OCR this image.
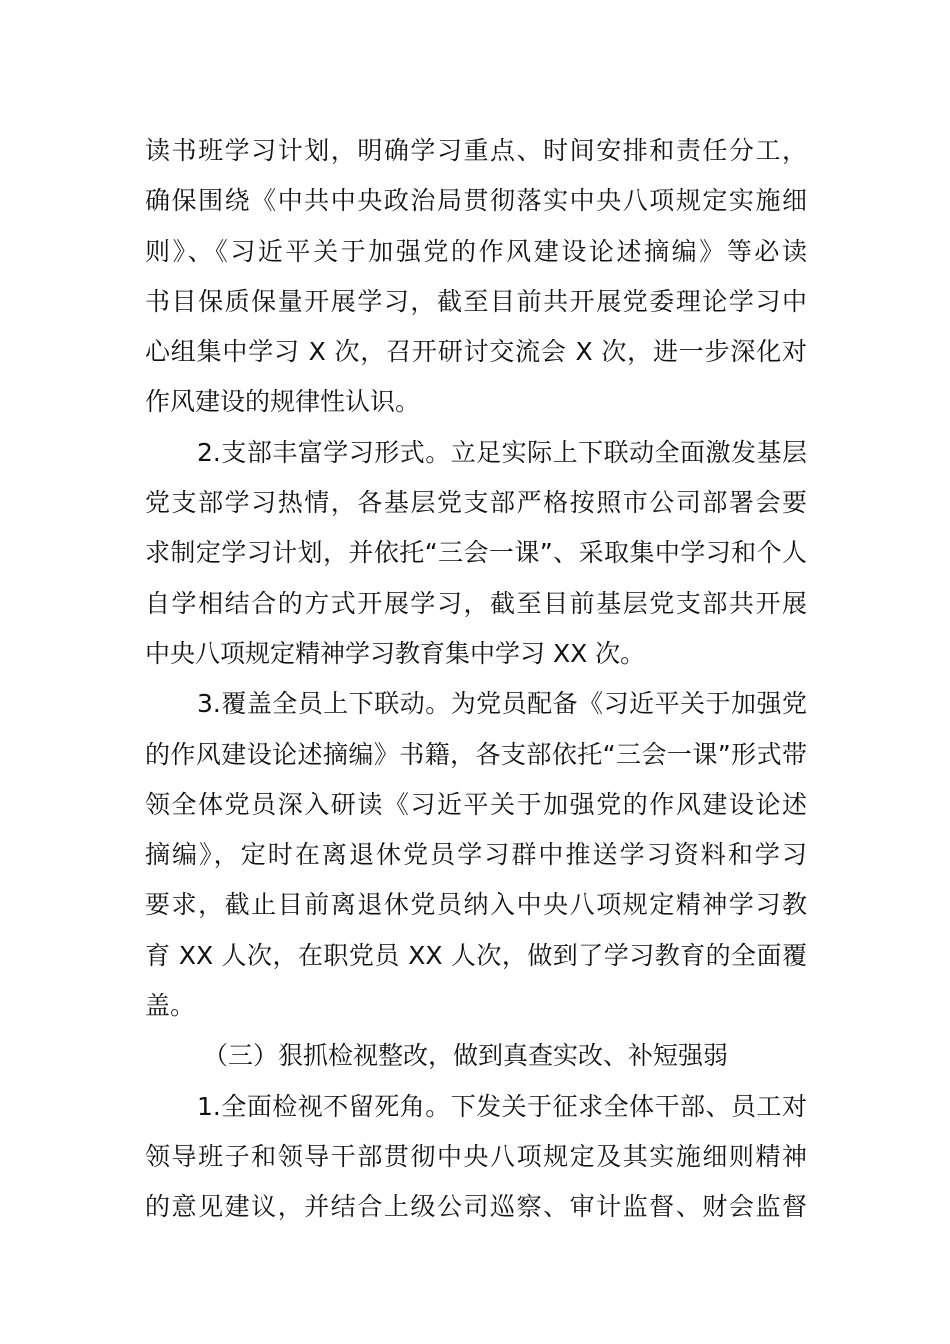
读书班学习计划，明确学习重点、时间安排和责任分工，
确保围绕《中共中央政治局贯彻落实中央八项规定实施细
则》、《习近平关于加强党的作风建设论述摘编》等必读
书目保质保量开展学习，截至目前共开展党委理论学习中
心组集中学习 X 次，召开研讨交流会 X 次，进一步深化对
作风建设的规律性认识。
2.支部丰富学习形式。立足实际上下联动全面激发基层
党支部学习热情，各基层党支部严格按照市公司部署会要
求制定学习计划，并依托“三会一课”、采取集中学习和个人
自学相结合的方式开展学习，截至目前基层党支部共开展
中央八项规定精神学习教育集中学习 XX 次。
3.覆盖全员上下联动。为党员配备《习近平关于加强党
的作风建设论述摘编》书籍，各支部依托“三会一课”形式带
领全体党员深入研读《习近平关于加强党的作风建设论述
摘编》，定时在离退休党员学习群中推送学习资料和学习
要求，截止目前离退休党员纳入中央八项规定精神学习教
育 XX 人次，在职党员 XX 人次，做到了学习教育的全面覆
盖。
（三）狠抓检视整改，做到真查实改、补短强弱
1.全面检视不留死角。下发关于征求全体干部、员工对
领导班子和领导干部贯彻中央八项规定及其实施细则精神
的意见建议，并结合上级公司巡察、审计监督、财会监督
